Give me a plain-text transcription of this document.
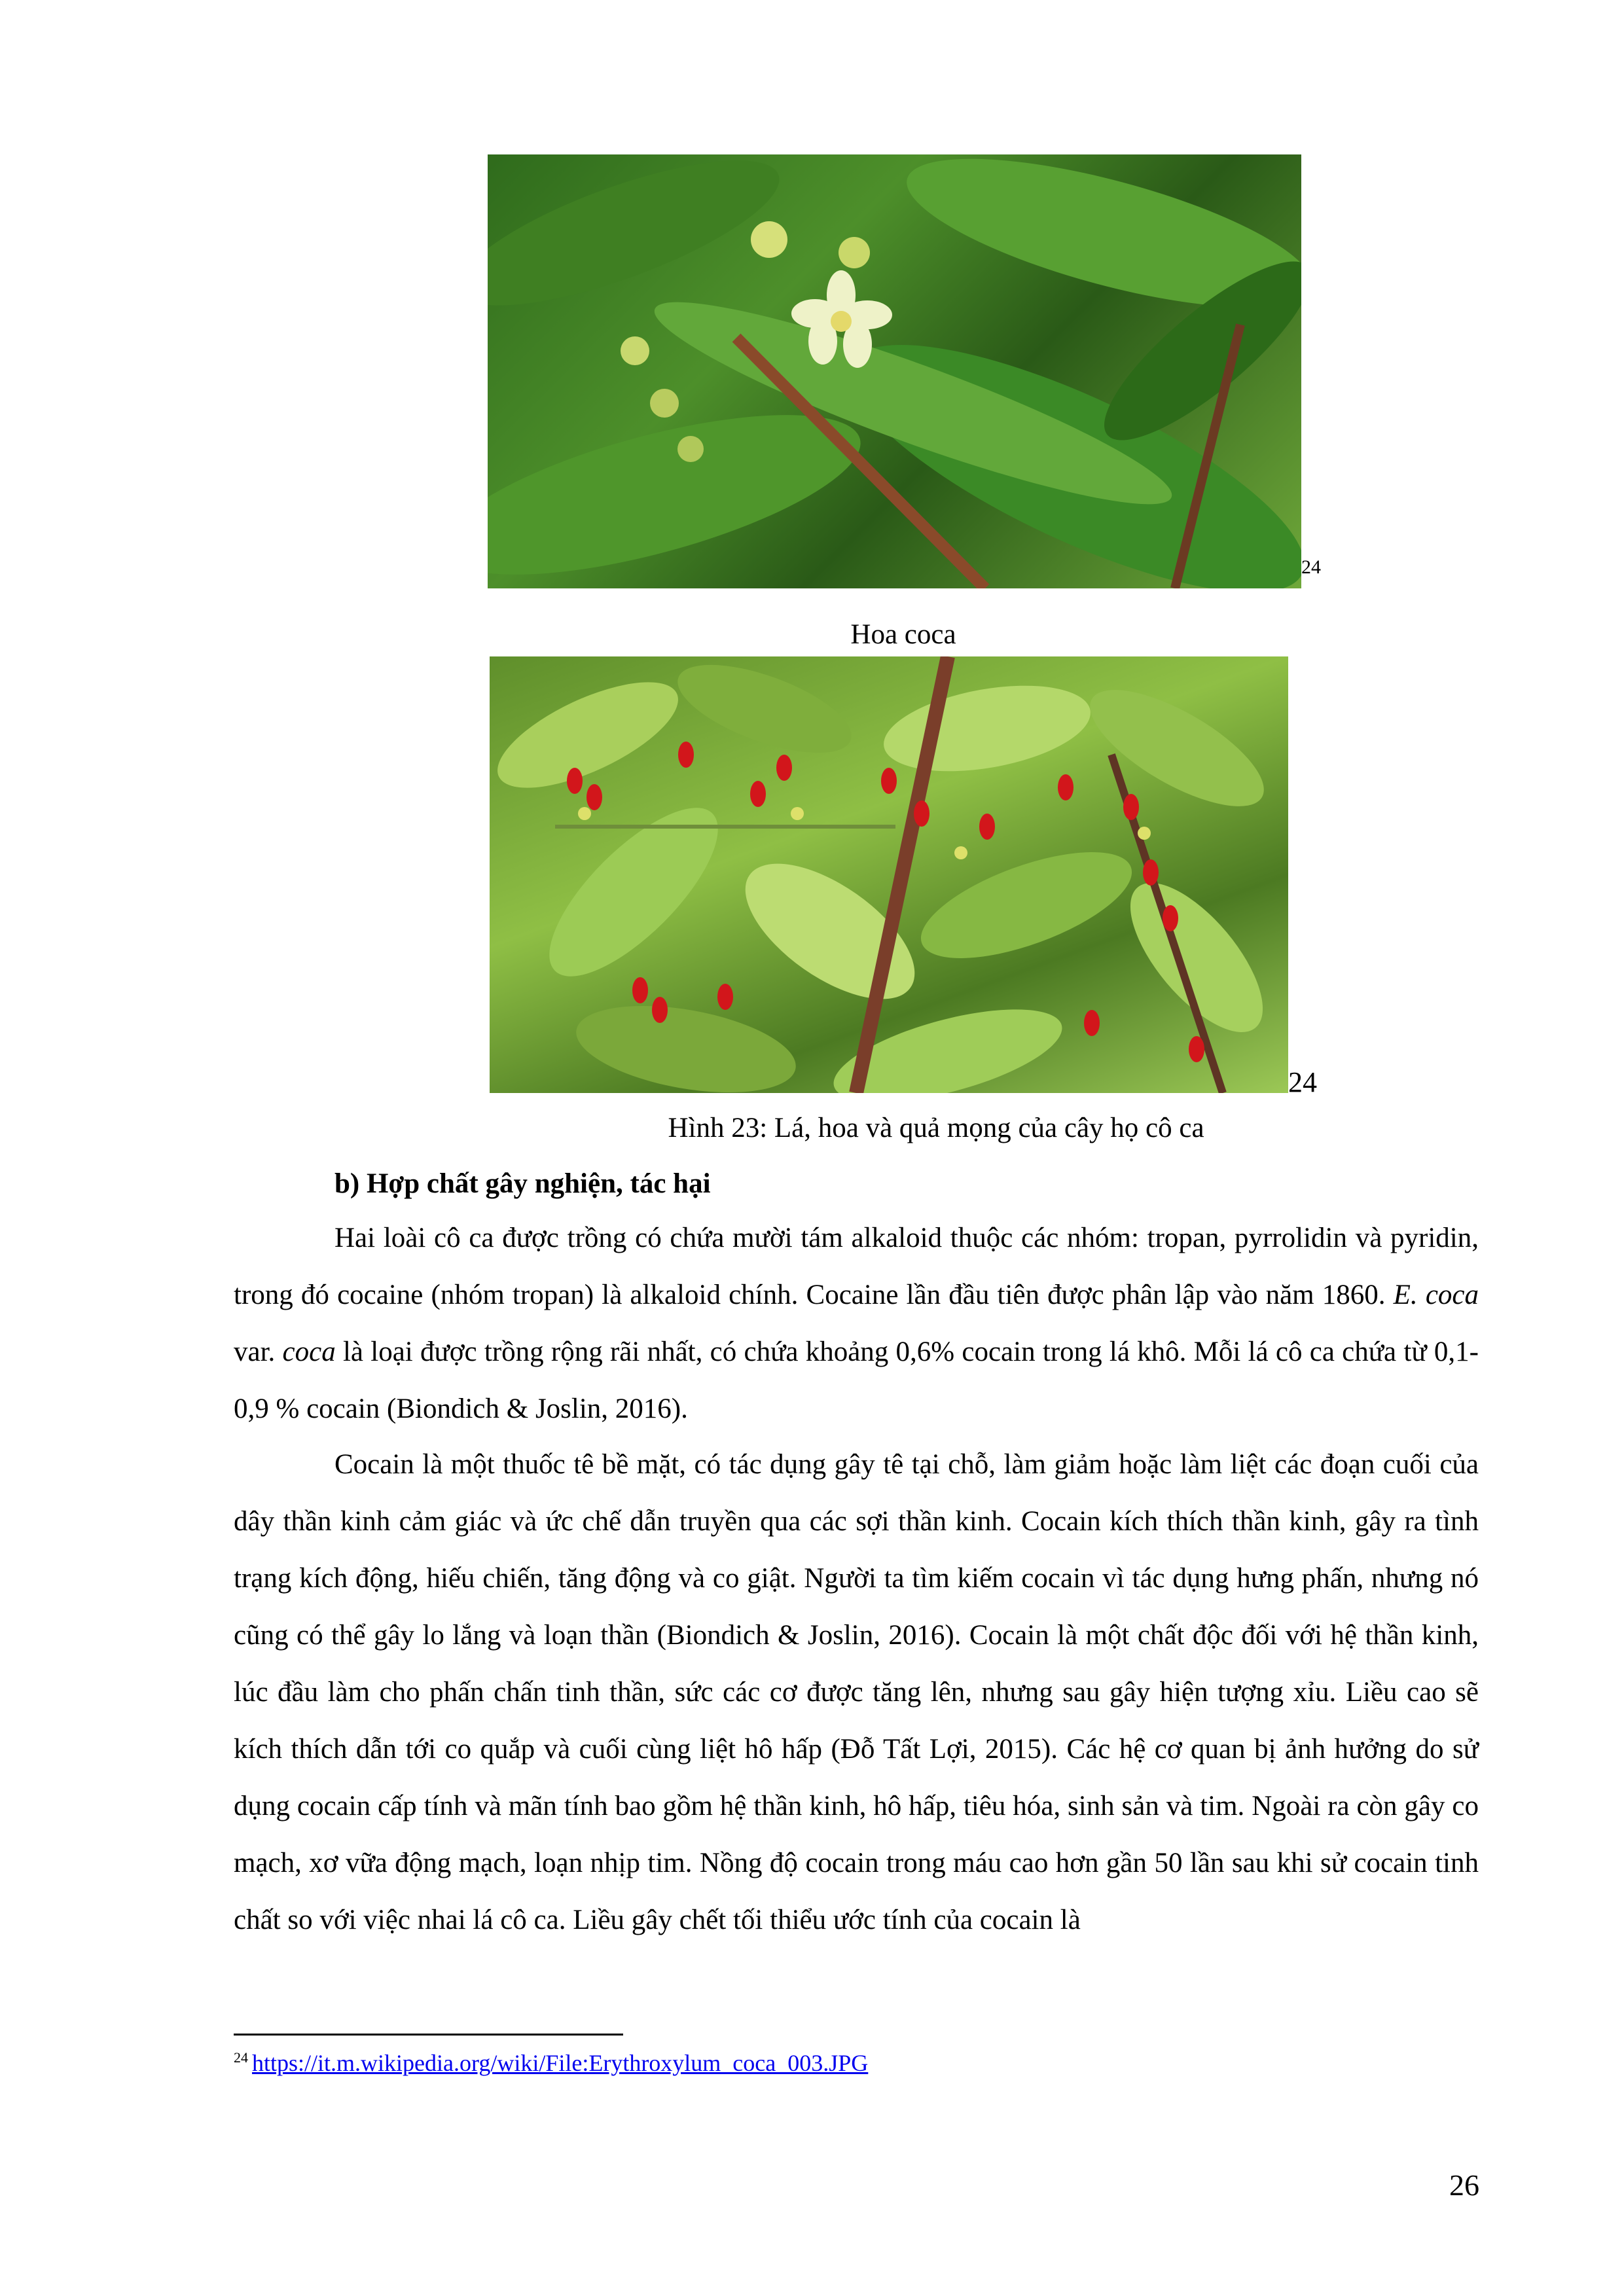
24
Hoa coca
24
Hình 23: Lá, hoa và quả mọng của cây họ cô ca
b) Hợp chất gây nghiện, tác hại

Hai loài cô ca được trồng có chứa mười tám alkaloid thuộc các nhóm: tropan, pyrrolidin và pyridin, trong đó cocaine (nhóm tropan) là alkaloid chính. Cocaine lần đầu tiên được phân lập vào năm 1860. E. coca var. coca là loại được trồng rộng rãi nhất, có chứa khoảng 0,6% cocain trong lá khô. Mỗi lá cô ca chứa từ 0,1-0,9 % cocain (Biondich & Joslin, 2016).

Cocain là một thuốc tê bề mặt, có tác dụng gây tê tại chỗ, làm giảm hoặc làm liệt các đoạn cuối của dây thần kinh cảm giác và ức chế dẫn truyền qua các sợi thần kinh. Cocain kích thích thần kinh, gây ra tình trạng kích động, hiếu chiến, tăng động và co giật. Người ta tìm kiếm cocain vì tác dụng hưng phấn, nhưng nó cũng có thể gây lo lắng và loạn thần (Biondich & Joslin, 2016). Cocain là một chất độc đối với hệ thần kinh, lúc đầu làm cho phấn chấn tinh thần, sức các cơ được tăng lên, nhưng sau gây hiện tượng xỉu. Liều cao sẽ kích thích dẫn tới co quắp và cuối cùng liệt hô hấp (Đỗ Tất Lợi, 2015). Các hệ cơ quan bị ảnh hưởng do sử dụng cocain cấp tính và mãn tính bao gồm hệ thần kinh, hô hấp, tiêu hóa, sinh sản và tim. Ngoài ra còn gây co mạch, xơ vữa động mạch, loạn nhịp tim. Nồng độ cocain trong máu cao hơn gần 50 lần sau khi sử cocain tinh chất so với việc nhai lá cô ca. Liều gây chết tối thiểu ước tính của cocain là

$^{24}$ https://it.m.wikipedia.org/wiki/File:Erythroxylum_coca_003.JPG
26
